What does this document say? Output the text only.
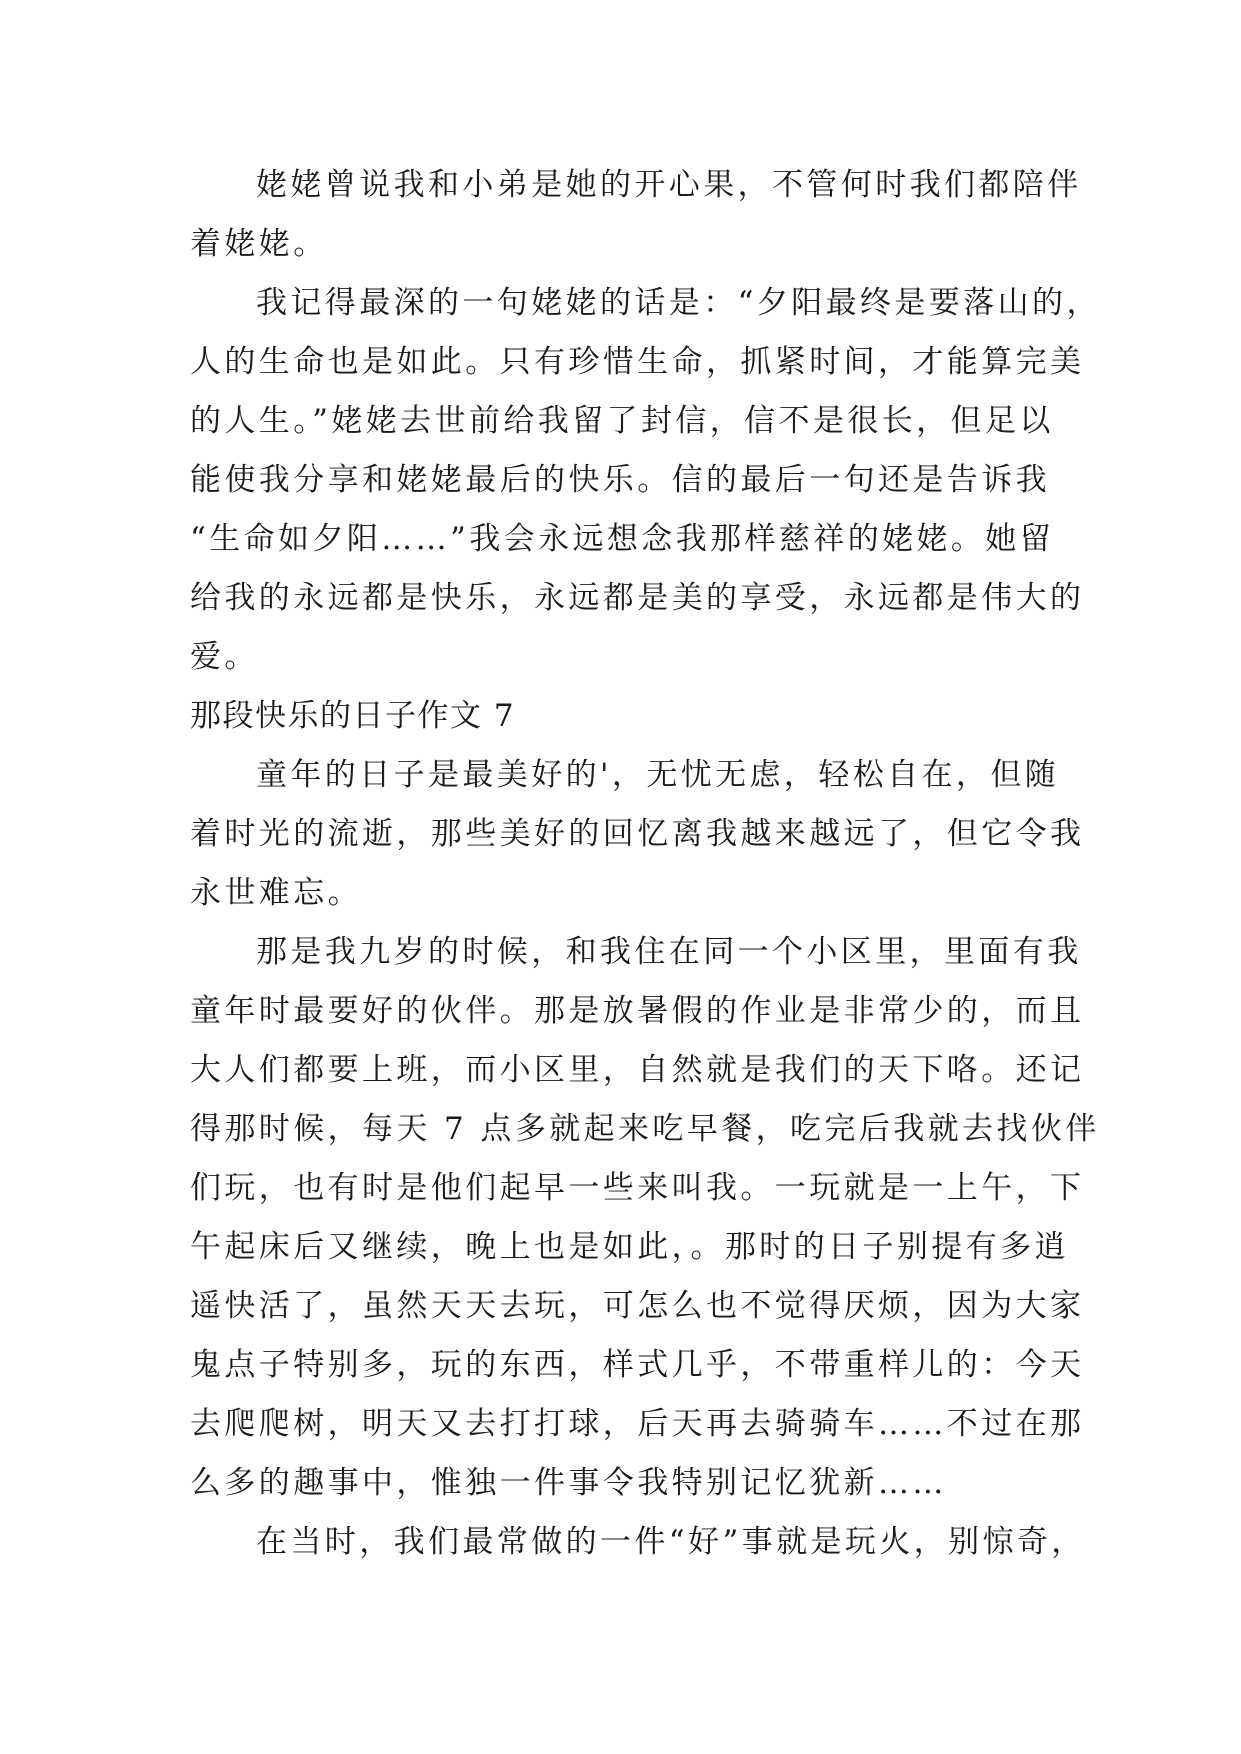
姥姥曾说我和小弟是她的开心果，不管何时我们都陪伴
着姥姥。
我记得最深的一句姥姥的话是：“夕阳最终是要落山的，
人的生命也是如此。只有珍惜生命，抓紧时间，才能算完美
的人生。”姥姥去世前给我留了封信，信不是很长，但足以
能使我分享和姥姥最后的快乐。信的最后一句还是告诉我
“生命如夕阳……”我会永远想念我那样慈祥的姥姥。她留
给我的永远都是快乐，永远都是美的享受，永远都是伟大的
爱。
那段快乐的日子作文 7
童年的日子是最美好的'，无忧无虑，轻松自在，但随
着时光的流逝，那些美好的回忆离我越来越远了，但它令我
永世难忘。
那是我九岁的时候，和我住在同一个小区里，里面有我
童年时最要好的伙伴。那是放暑假的作业是非常少的，而且
大人们都要上班，而小区里，自然就是我们的天下咯。还记
得那时候，每天 7 点多就起来吃早餐，吃完后我就去找伙伴
们玩，也有时是他们起早一些来叫我。一玩就是一上午，下
午起床后又继续，晚上也是如此，。那时的日子别提有多逍
遥快活了，虽然天天去玩，可怎么也不觉得厌烦，因为大家
鬼点子特别多，玩的东西，样式几乎，不带重样儿的：今天
去爬爬树，明天又去打打球，后天再去骑骑车……不过在那
么多的趣事中，惟独一件事令我特别记忆犹新……
在当时，我们最常做的一件“好”事就是玩火，别惊奇，
